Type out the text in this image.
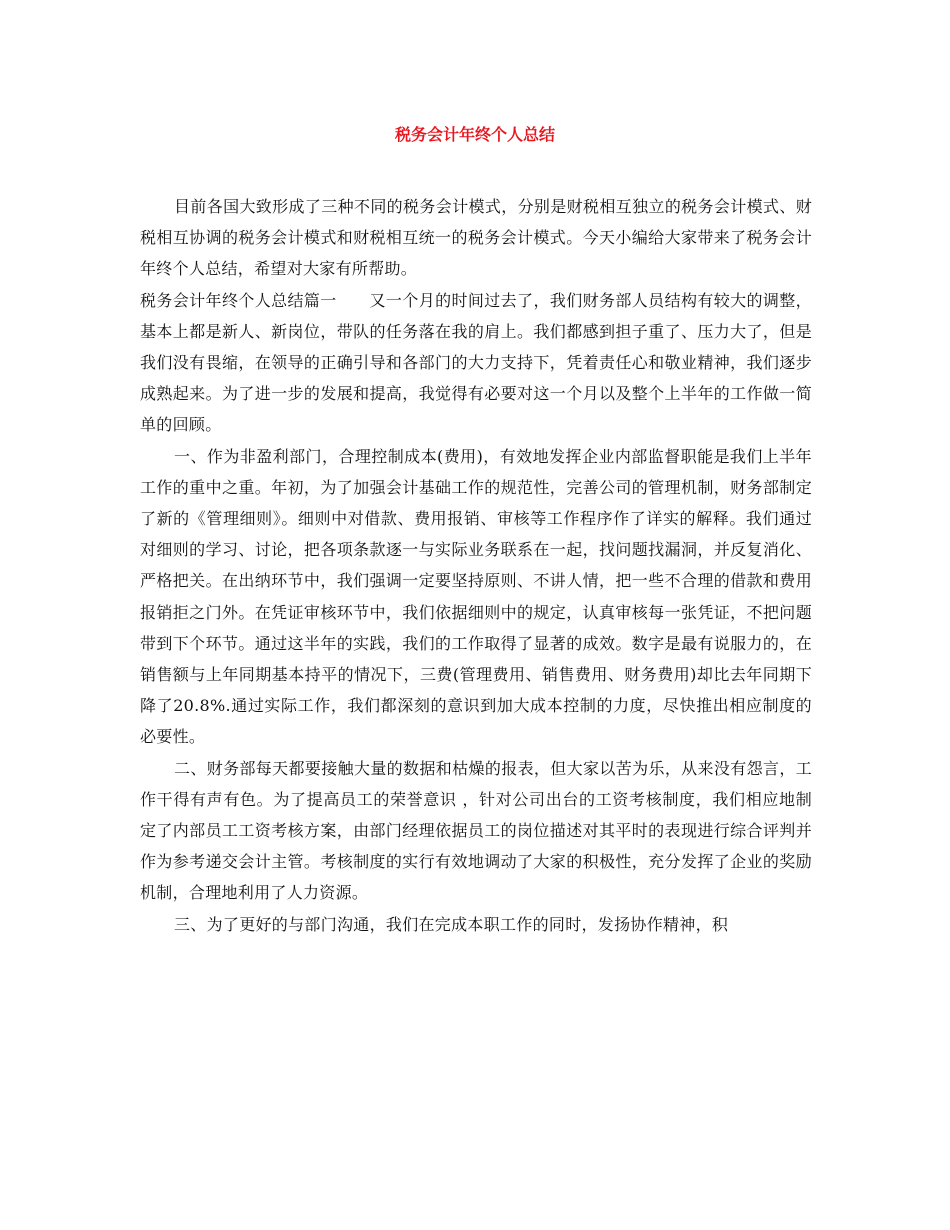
税务会计年终个人总结

目前各国大致形成了三种不同的税务会计模式，分别是财税相互独立的税务会计模式、财税相互协调的税务会计模式和财税相互统一的税务会计模式。今天小编给大家带来了税务会计年终个人总结，希望对大家有所帮助。

税务会计年终个人总结篇一 又一个月的时间过去了，我们财务部人员结构有较大的调整，基本上都是新人、新岗位，带队的任务落在我的肩上。我们都感到担子重了、压力大了，但是我们没有畏缩，在领导的正确引导和各部门的大力支持下，凭着责任心和敬业精神，我们逐步成熟起来。为了进一步的发展和提高，我觉得有必要对这一个月以及整个上半年的工作做一简单的回顾。

一、作为非盈利部门，合理控制成本(费用)，有效地发挥企业内部监督职能是我们上半年工作的重中之重。年初，为了加强会计基础工作的规范性，完善公司的管理机制，财务部制定了新的《管理细则》。细则中对借款、费用报销、审核等工作程序作了详实的解释。我们通过对细则的学习、讨论，把各项条款逐一与实际业务联系在一起，找问题找漏洞，并反复消化、严格把关。在出纳环节中，我们强调一定要坚持原则、不讲人情，把一些不合理的借款和费用报销拒之门外。在凭证审核环节中，我们依据细则中的规定，认真审核每一张凭证，不把问题带到下个环节。通过这半年的实践，我们的工作取得了显著的成效。数字是最有说服力的，在销售额与上年同期基本持平的情况下，三费(管理费用、销售费用、财务费用)却比去年同期下降了20.8%.通过实际工作，我们都深刻的意识到加大成本控制的力度，尽快推出相应制度的必要性。

二、财务部每天都要接触大量的数据和枯燥的报表，但大家以苦为乐，从来没有怨言，工作干得有声有色。为了提高员工的荣誉意识 ，针对公司出台的工资考核制度，我们相应地制定了内部员工工资考核方案，由部门经理依据员工的岗位描述对其平时的表现进行综合评判并作为参考递交会计主管。考核制度的实行有效地调动了大家的积极性，充分发挥了企业的奖励机制，合理地利用了人力资源。

三、为了更好的与部门沟通，我们在完成本职工作的同时，发扬协作精神，积
